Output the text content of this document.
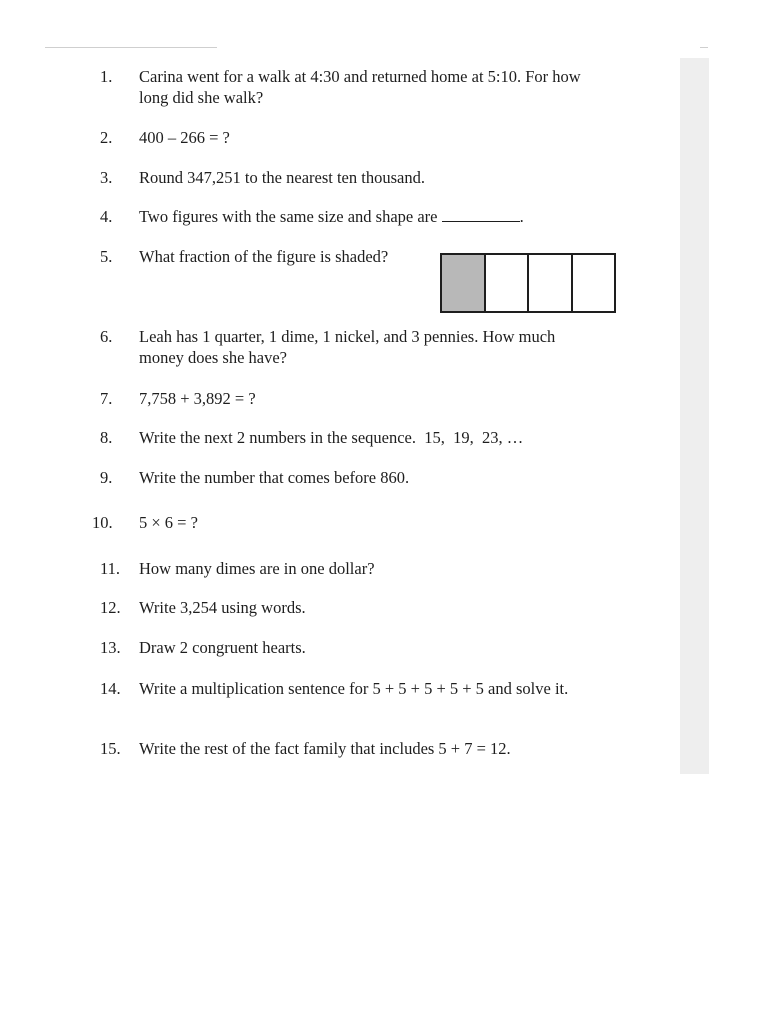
1. Carina went for a walk at 4:30 and returned home at 5:10. For how long did she walk?
2. 400 – 266 = ?
3. Round 347,251 to the nearest ten thousand.
4. Two figures with the same size and shape are	.
5. What fraction of the figure is shaded?
6. Leah has 1 quarter, 1 dime, 1 nickel, and 3 pennies. How much money does she have?
7. 7,758 + 3,892 = ?
8. Write the next 2 numbers in the sequence.  15,  19,  23, …
9. Write the number that comes before 860.
10. 5 × 6 = ?
11. How many dimes are in one dollar?
12. Write 3,254 using words.
13. Draw 2 congruent hearts.
14. Write a multiplication sentence for 5 + 5 + 5 + 5 + 5 and solve it.
15. Write the rest of the fact family that includes 5 + 7 = 12.
